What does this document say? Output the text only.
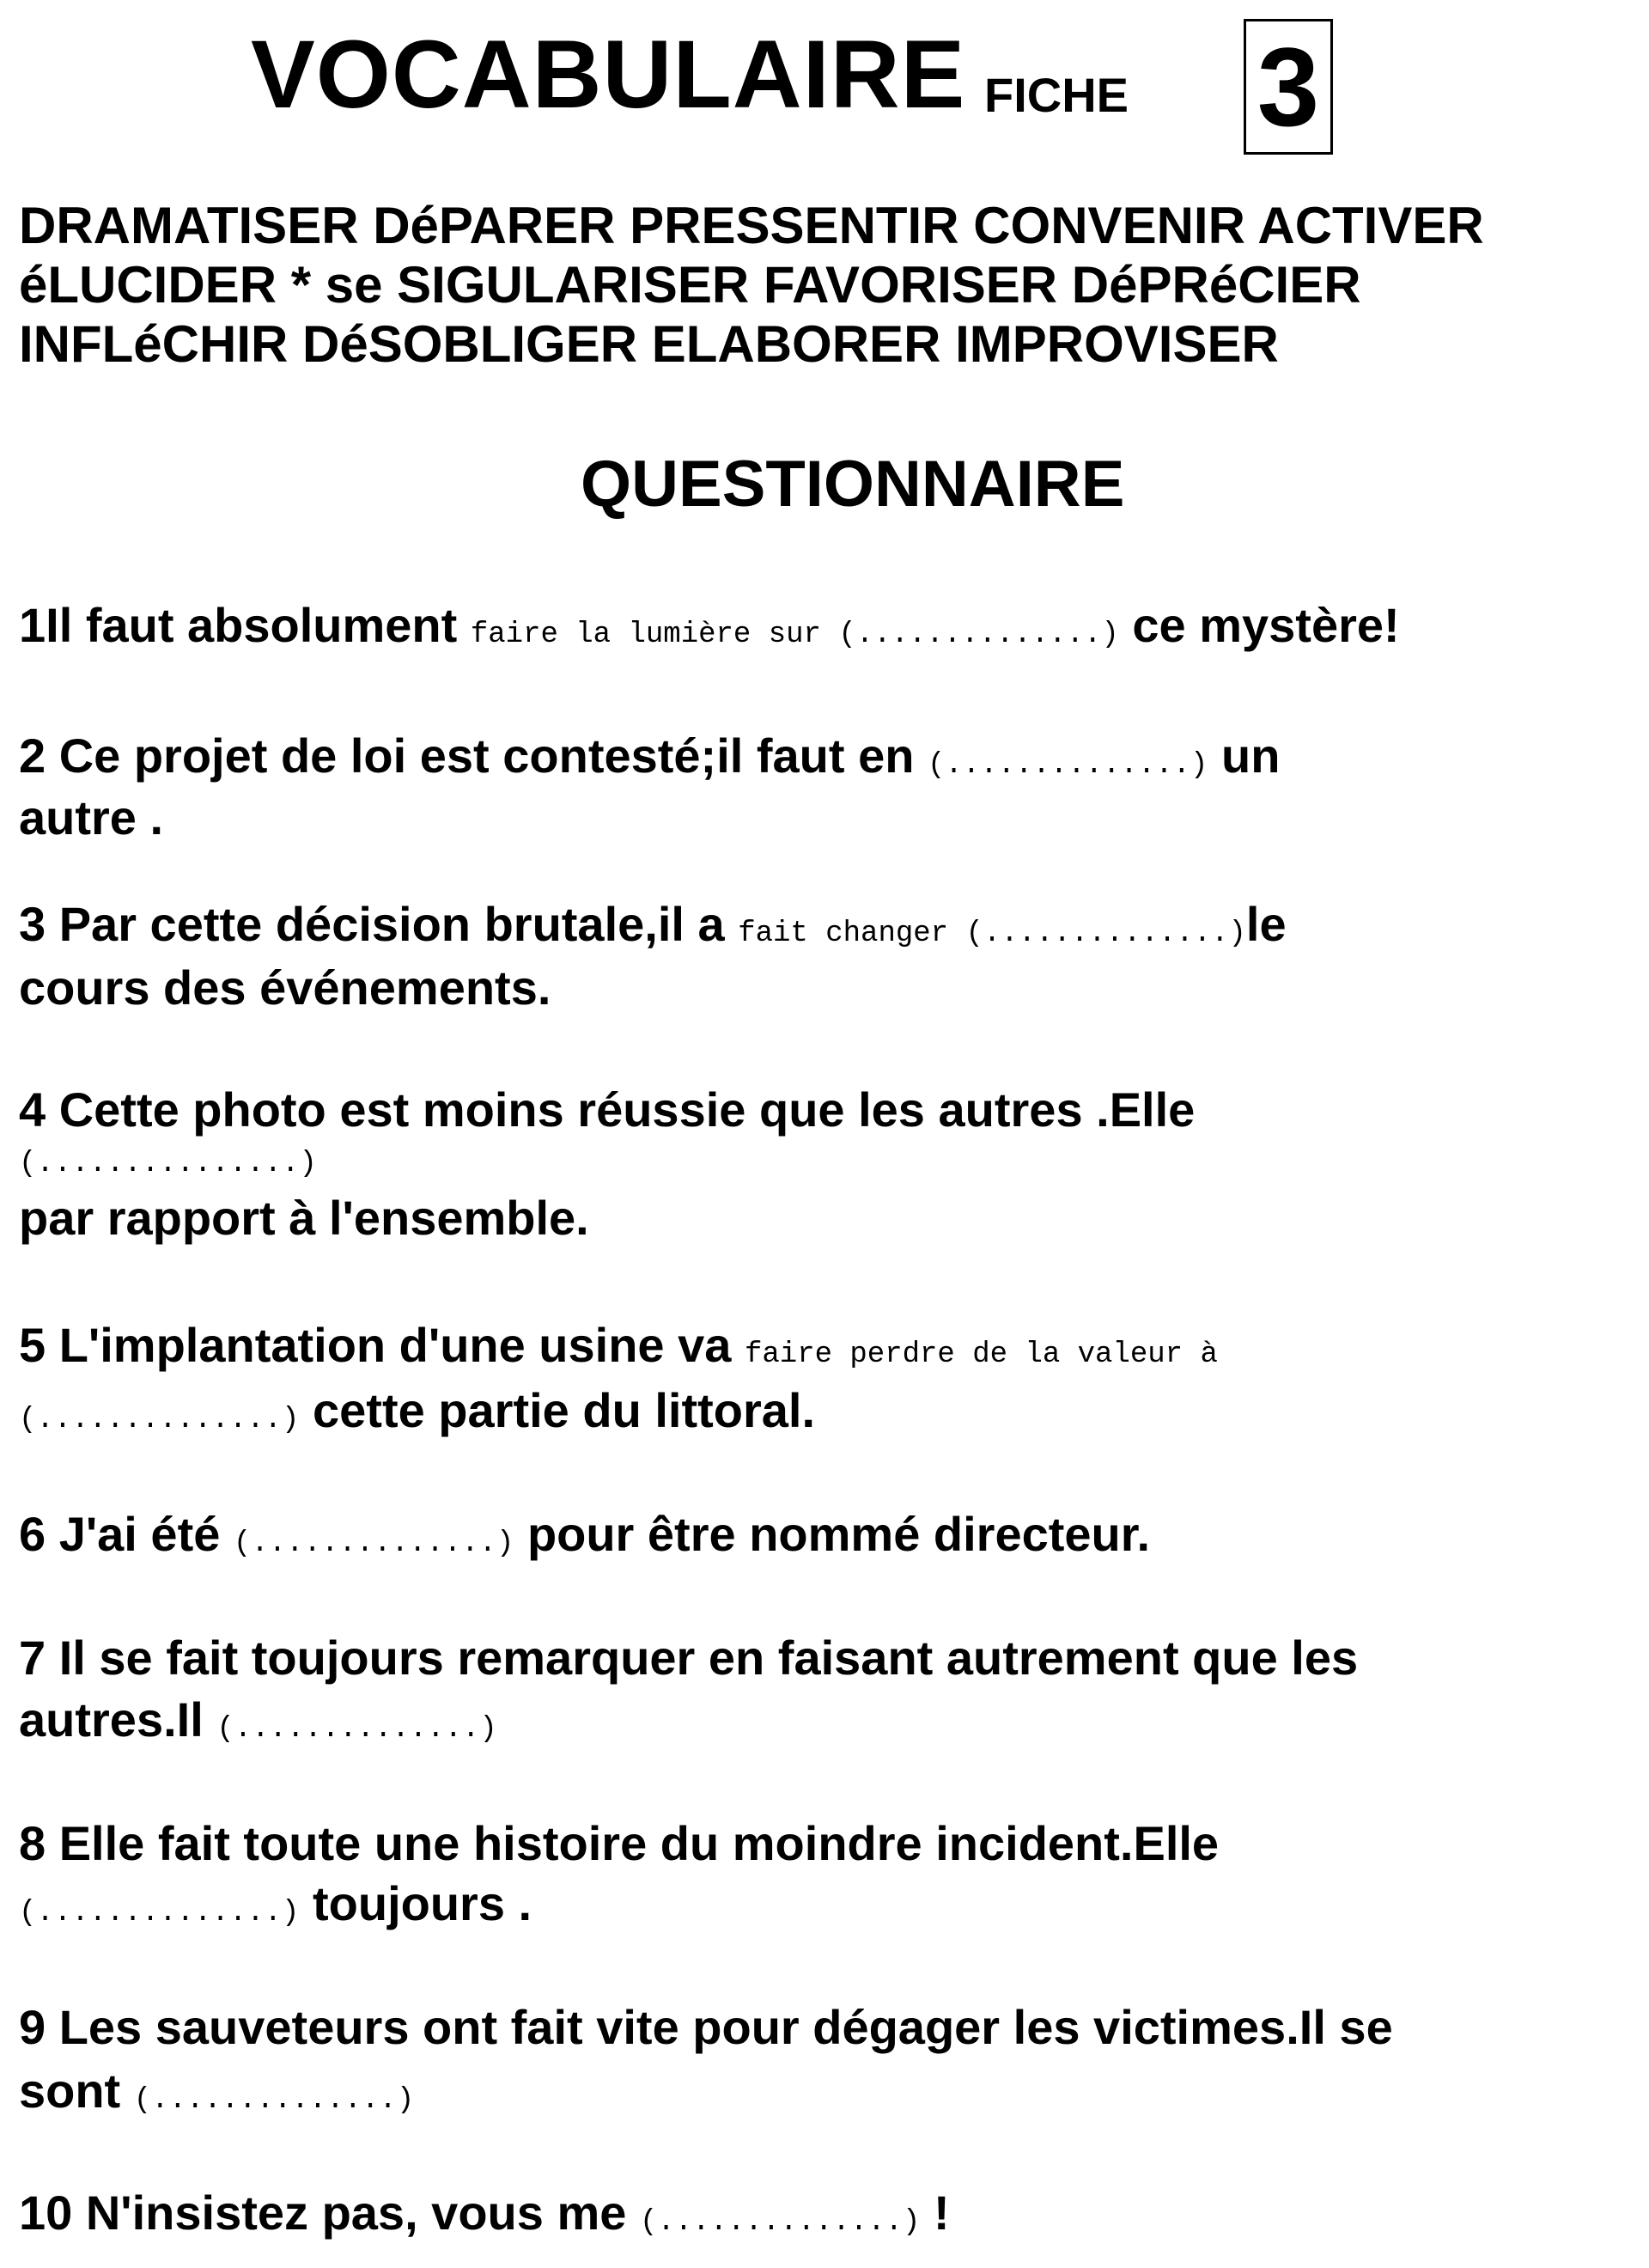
VOCABULAIRE FICHE 3
DRAMATISER DéPARER PRESSENTIR CONVENIR ACTIVER
éLUCIDER * se SIGULARISER FAVORISER DéPRéCIER
INFLéCHIR DéSOBLIGER ELABORER IMPROVISER
QUESTIONNAIRE
1Il faut absolument faire la lumière sur (..............) ce mystère!
2 Ce projet de loi est contesté;il faut en (..............) un
autre .
3 Par cette décision brutale,il a fait changer (..............)le
cours des événements.
4 Cette photo est moins réussie que les autres .Elle
(...............)
par rapport à l'ensemble.
5 L'implantation d'une usine va faire perdre de la valeur à
(..............) cette partie du littoral.
6 J'ai été (..............) pour être nommé directeur.
7 Il se fait toujours remarquer en faisant autrement que les
autres.Il (..............)
8 Elle fait toute une histoire du moindre incident.Elle
(..............) toujours .
9 Les sauveteurs ont fait vite pour dégager les victimes.Il se
sont (..............)
10 N'insistez pas, vous me (..............) !
